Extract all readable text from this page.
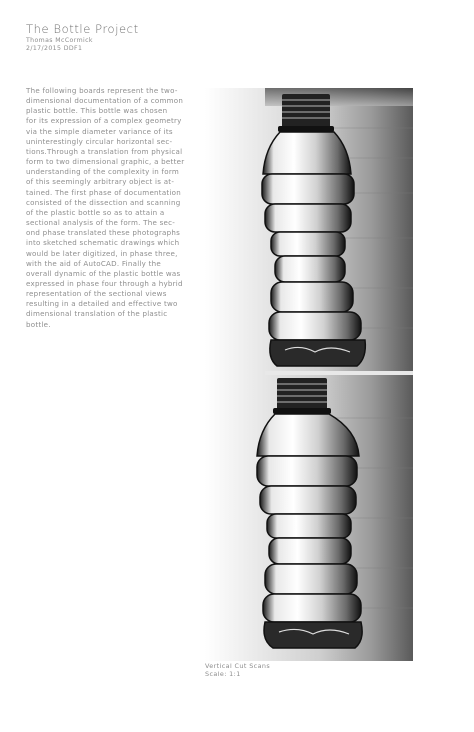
The Bottle Project
Thomas McCormick
2/17/2015 DDF1
The following boards represent the two-
dimensional documentation of a common
plastic bottle. This bottle was chosen
for its expression of a complex geometry
via the simple diameter variance of its
uninterestingly circular horizontal sec-
tions.Through a translation from physical
form to two dimensional graphic, a better
understanding of the complexity in form
of this seemingly arbitrary object is at-
tained. The first phase of documentation
consisted of the dissection and scanning
of the plastic bottle so as to attain a
sectional analysis of the form. The sec-
ond phase translated these photographs
into sketched schematic drawings which
would be later digitized, in phase three,
with the aid of AutoCAD. Finally the
overall dynamic of the plastic bottle was
expressed in phase four through a hybrid
representation of the sectional views
resulting in a detailed and effective two
dimensional translation of the plastic
bottle.
Vertical Cut Scans
Scale: 1:1
